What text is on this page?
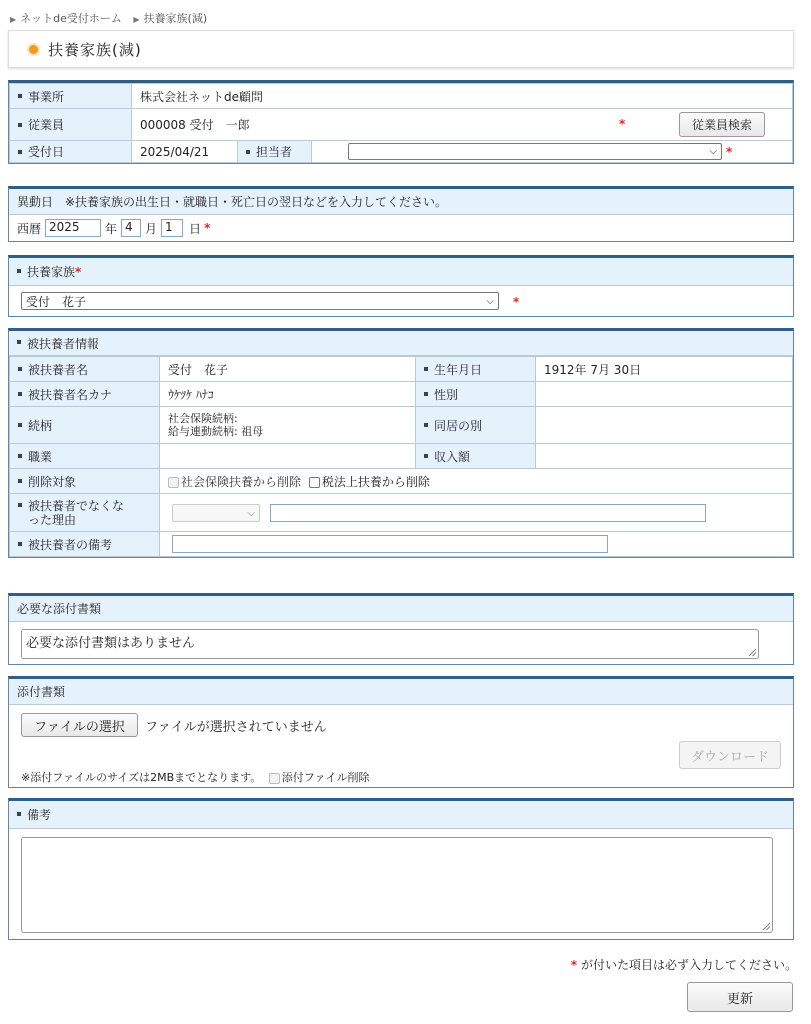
▶ ネットde受付ホーム ▶ 扶養家族(減)
扶養家族(減)
事業所	株式会社ネットde顧問		
従業員	000008 受付　一郎 * 従業員検索		

受付日	2025/04/21	担当者	⌵ *
異動日　※扶養家族の出生日・就職日・死亡日の翌日などを入力してください。
西暦 2025	年 4	月 1	日 *
扶養家族 *
受付　花子	⌵ *
被扶養者情報
被扶養者名	受付　花子	生年月日	1912年 7月 30日
被扶養者名カナ	ｳｹﾂｹ ﾊﾅｺ	性別	
続柄	社会保険続柄:
給与連動続柄: 祖母	同居の別	
職業		収入額	
削除対象	社会保険扶養から削除 税法上扶養から削除		

被扶養者でなくな
った理由	⌵		

被扶養者の備考			
必要な添付書類
必要な添付書類はありません
添付書類
ファイルの選択	ファイルが選択されていません
ダウンロード
※添付ファイルのサイズは2MBまでとなります。 添付ファイル削除
備考
* が付いた項目は必ず入力してください。
更新
